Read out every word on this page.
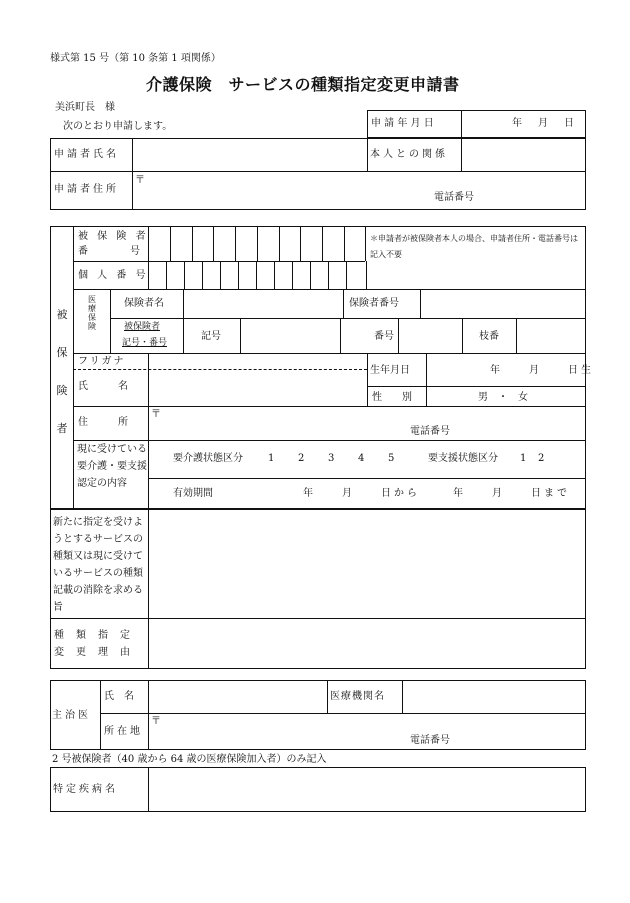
様式第 15 号（第 10 条第 1 項関係）
介護保険　サービスの種類指定変更申請書
美浜町長　様
次のとおり申請します。	申 請 年 月 日	年　月　日
申請者氏名	本人との関係
申請者住所
〒
電話番号
被保険者
被 保 険 者
番　　　号
＊申請者が被保険者本人の場合、申請者住所・電話番号は記入不要
個 人 番 号
医療保険
保険者名	保険者番号
被保険者
記号・番号
記号	番号	枝番
フリガナ
氏　　　名
生年月日	年　　月　　日生
性　　別	男　・　女
住　　　所
〒
電話番号
現に受けている要介護・要支援認定の内容
要介護状態区分	1 2 3 4 5	要支援状態区分 1 2
有効期間	年　　月　　日から	年　　月　　日まで
新たに指定を受けようとするサービスの種類又は現に受けているサービスの種類記載の消除を求める旨
種　類　指　定
変　更　理　由
主治医
氏　名	医療機関名
所在地
〒
電話番号
2 号被保険者（40 歳から 64 歳の医療保険加入者）のみ記入
特定疾病名
